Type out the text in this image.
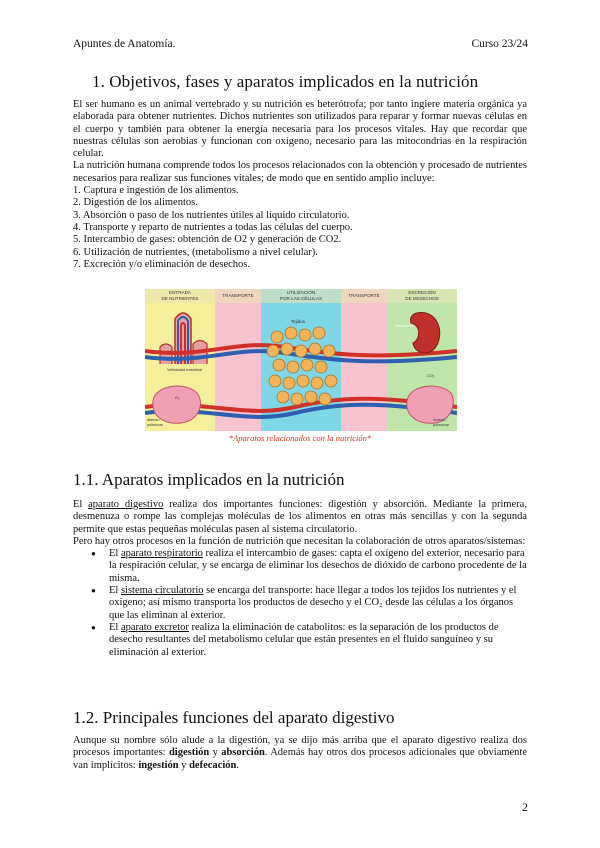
Apuntes de Anatomía.	Curso 23/24
1. Objetivos, fases y aparatos implicados en la nutrición

El ser humano es un animal vertebrado y su nutrición es heterótrofa; por tanto ingiere materia orgánica ya elaborada para obtener nutrientes. Dichos nutrientes son utilizados para reparar y formar nuevas células en el cuerpo y también para obtener la energía necesaria para los procesos vitales. Hay que recordar que nuestras células son aerobias y funcionan con oxígeno, necesario para las mitocondrias en la respiración celular.

La nutrición humana comprende todos los procesos relacionados con la obtención y procesado de nutrientes necesarios para realizar sus funciones vitales; de modo que en sentido amplio incluye:

1. Captura e ingestión de los alimentos.
2. Digestión de los alimentos.
3. Absorción o paso de los nutrientes útiles al líquido circulatorio.
4. Transporte y reparto de nutrientes a todas las células del cuerpo.
5. Intercambio de gases: obtención de O2 y generación de CO2.
6. Utilización de nutrientes, (metabolismo a nivel celular).
7. Excreción y/o eliminación de desechos.
ENTRADA
DE NUTRIENTES
TRANSPORTE
UTILIZACIÓN
POR LAS CÉLULAS
TRANSPORTE
EXCRECIÓN
DE DESECHOS
Vellosidad intestinal
Tejidos
Desechos
O₂
CO₂
Alvéolo
pulmonar
Alvéolo
pulmonar
*Aparatos relacionados con la nutrición*
1.1. Aparatos implicados en la nutrición

El aparato digestivo realiza dos importantes funciones: digestión y absorción. Mediante la primera, desmenuza o rompe las complejas moléculas de los alimentos en otras más sencillas y con la segunda permite que estas pequeñas moléculas pasen al sistema circulatorio.

Pero hay otros procesos en la función de nutrición que necesitan la colaboración de otros aparatos/sistemas:

● El aparato respiratorio realiza el intercambio de gases: capta el oxígeno del exterior, necesario para la respiración celular, y se encarga de eliminar los desechos de dióxido de carbono procedente de la misma.
● El sistema circulatorio se encarga del transporte: hace llegar a todos los tejidos los nutrientes y el oxígeno; así mismo transporta los productos de desecho y el CO₂ desde las células a los órganos que las eliminan al exterior.
● El aparato excretor realiza la eliminación de catabolitos: es la separación de los productos de desecho resultantes del metabolismo celular que están presentes en el fluido sanguíneo y su eliminación al exterior.
1.2. Principales funciones del aparato digestivo

Aunque su nombre sólo alude a la digestión, ya se dijo más arriba que el aparato digestivo realiza dos procesos importantes: digestión y absorción. Además hay otros dos procesos adicionales que obviamente van implícitos: ingestión y defecación.

2
